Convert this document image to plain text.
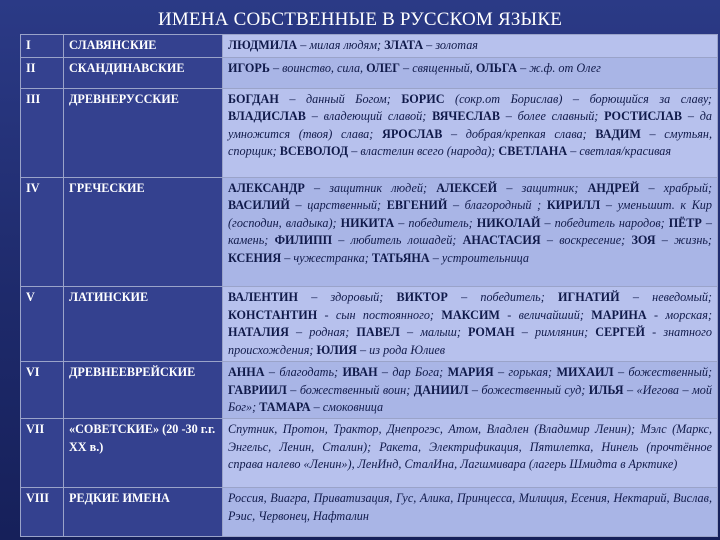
ИМЕНА СОБСТВЕННЫЕ В РУССКОМ ЯЗЫКЕ
I	СЛАВЯНСКИЕ	ЛЮДМИЛА – милая людям; ЗЛАТА – золотая
II	СКАНДИНАВСКИЕ	ИГОРЬ – воинство, сила, ОЛЕГ – священный, ОЛЬГА – ж.ф. от Олег
III	ДРЕВНЕРУССКИЕ	БОГДАН – данный Богом; БОРИС (сокр.от Борислав) – борющийся за славу; ВЛАДИСЛАВ – владеющий славой; ВЯЧЕСЛАВ – более славный; РОСТИСЛАВ – да умножится (твоя) слава; ЯРОСЛАВ – добрая/крепкая слава; ВАДИМ – смутьян, спорщик; ВСЕВОЛОД – властелин всего (народа); СВЕТЛАНА – светлая/красивая
IV	ГРЕЧЕСКИЕ	АЛЕКСАНДР – защитник людей; АЛЕКСЕЙ – защитник; АНДРЕЙ – храбрый; ВАСИЛИЙ – царственный; ЕВГЕНИЙ – благородный ; КИРИЛЛ – уменьшит. к Кир (господин, владыка); НИКИТА – победитель; НИКОЛАЙ – победитель народов; ПЁТР – камень; ФИЛИПП – любитель лошадей; АНАСТАСИЯ – воскресение; ЗОЯ – жизнь; КСЕНИЯ – чужестранка; ТАТЬЯНА – устроительница
V	ЛАТИНСКИЕ	ВАЛЕНТИН – здоровый; ВИКТОР – победитель; ИГНАТИЙ – неведомый; КОНСТАНТИН - сын постоянного; МАКСИМ - величайший; МАРИНА - морская; НАТАЛИЯ – родная; ПАВЕЛ – малыш; РОМАН – римлянин; СЕРГЕЙ - знатного происхождения; ЮЛИЯ – из рода Юлиев
VI	ДРЕВНЕЕВРЕЙСКИЕ	АННА – благодать; ИВАН – дар Бога; МАРИЯ – горькая; МИХАИЛ – божественный; ГАВРИИЛ – божественный воин; ДАНИИЛ – божественный суд; ИЛЬЯ – «Иегова – мой Бог»; ТАМАРА – смоковница
VII	«СОВЕТСКИЕ» (20 -30 г.г. XX в.)	Спутник, Протон, Трактор, Днепрогэс, Атом, Владлен (Владимир Ленин); Мэлс (Маркс, Энгельс, Ленин, Сталин); Ракета, Электрификация, Пятилетка, Нинель (прочтённое справа налево «Ленин»), ЛенИнд, СталИна, Лагшмивара (лагерь Шмидта в Арктике)
VIII	РЕДКИЕ ИМЕНА	Россия, Виагра, Приватизация, Гус, Алика, Принцесса, Милиция, Есения, Нектарий, Вислав, Рэис, Червонец, Нафталин
